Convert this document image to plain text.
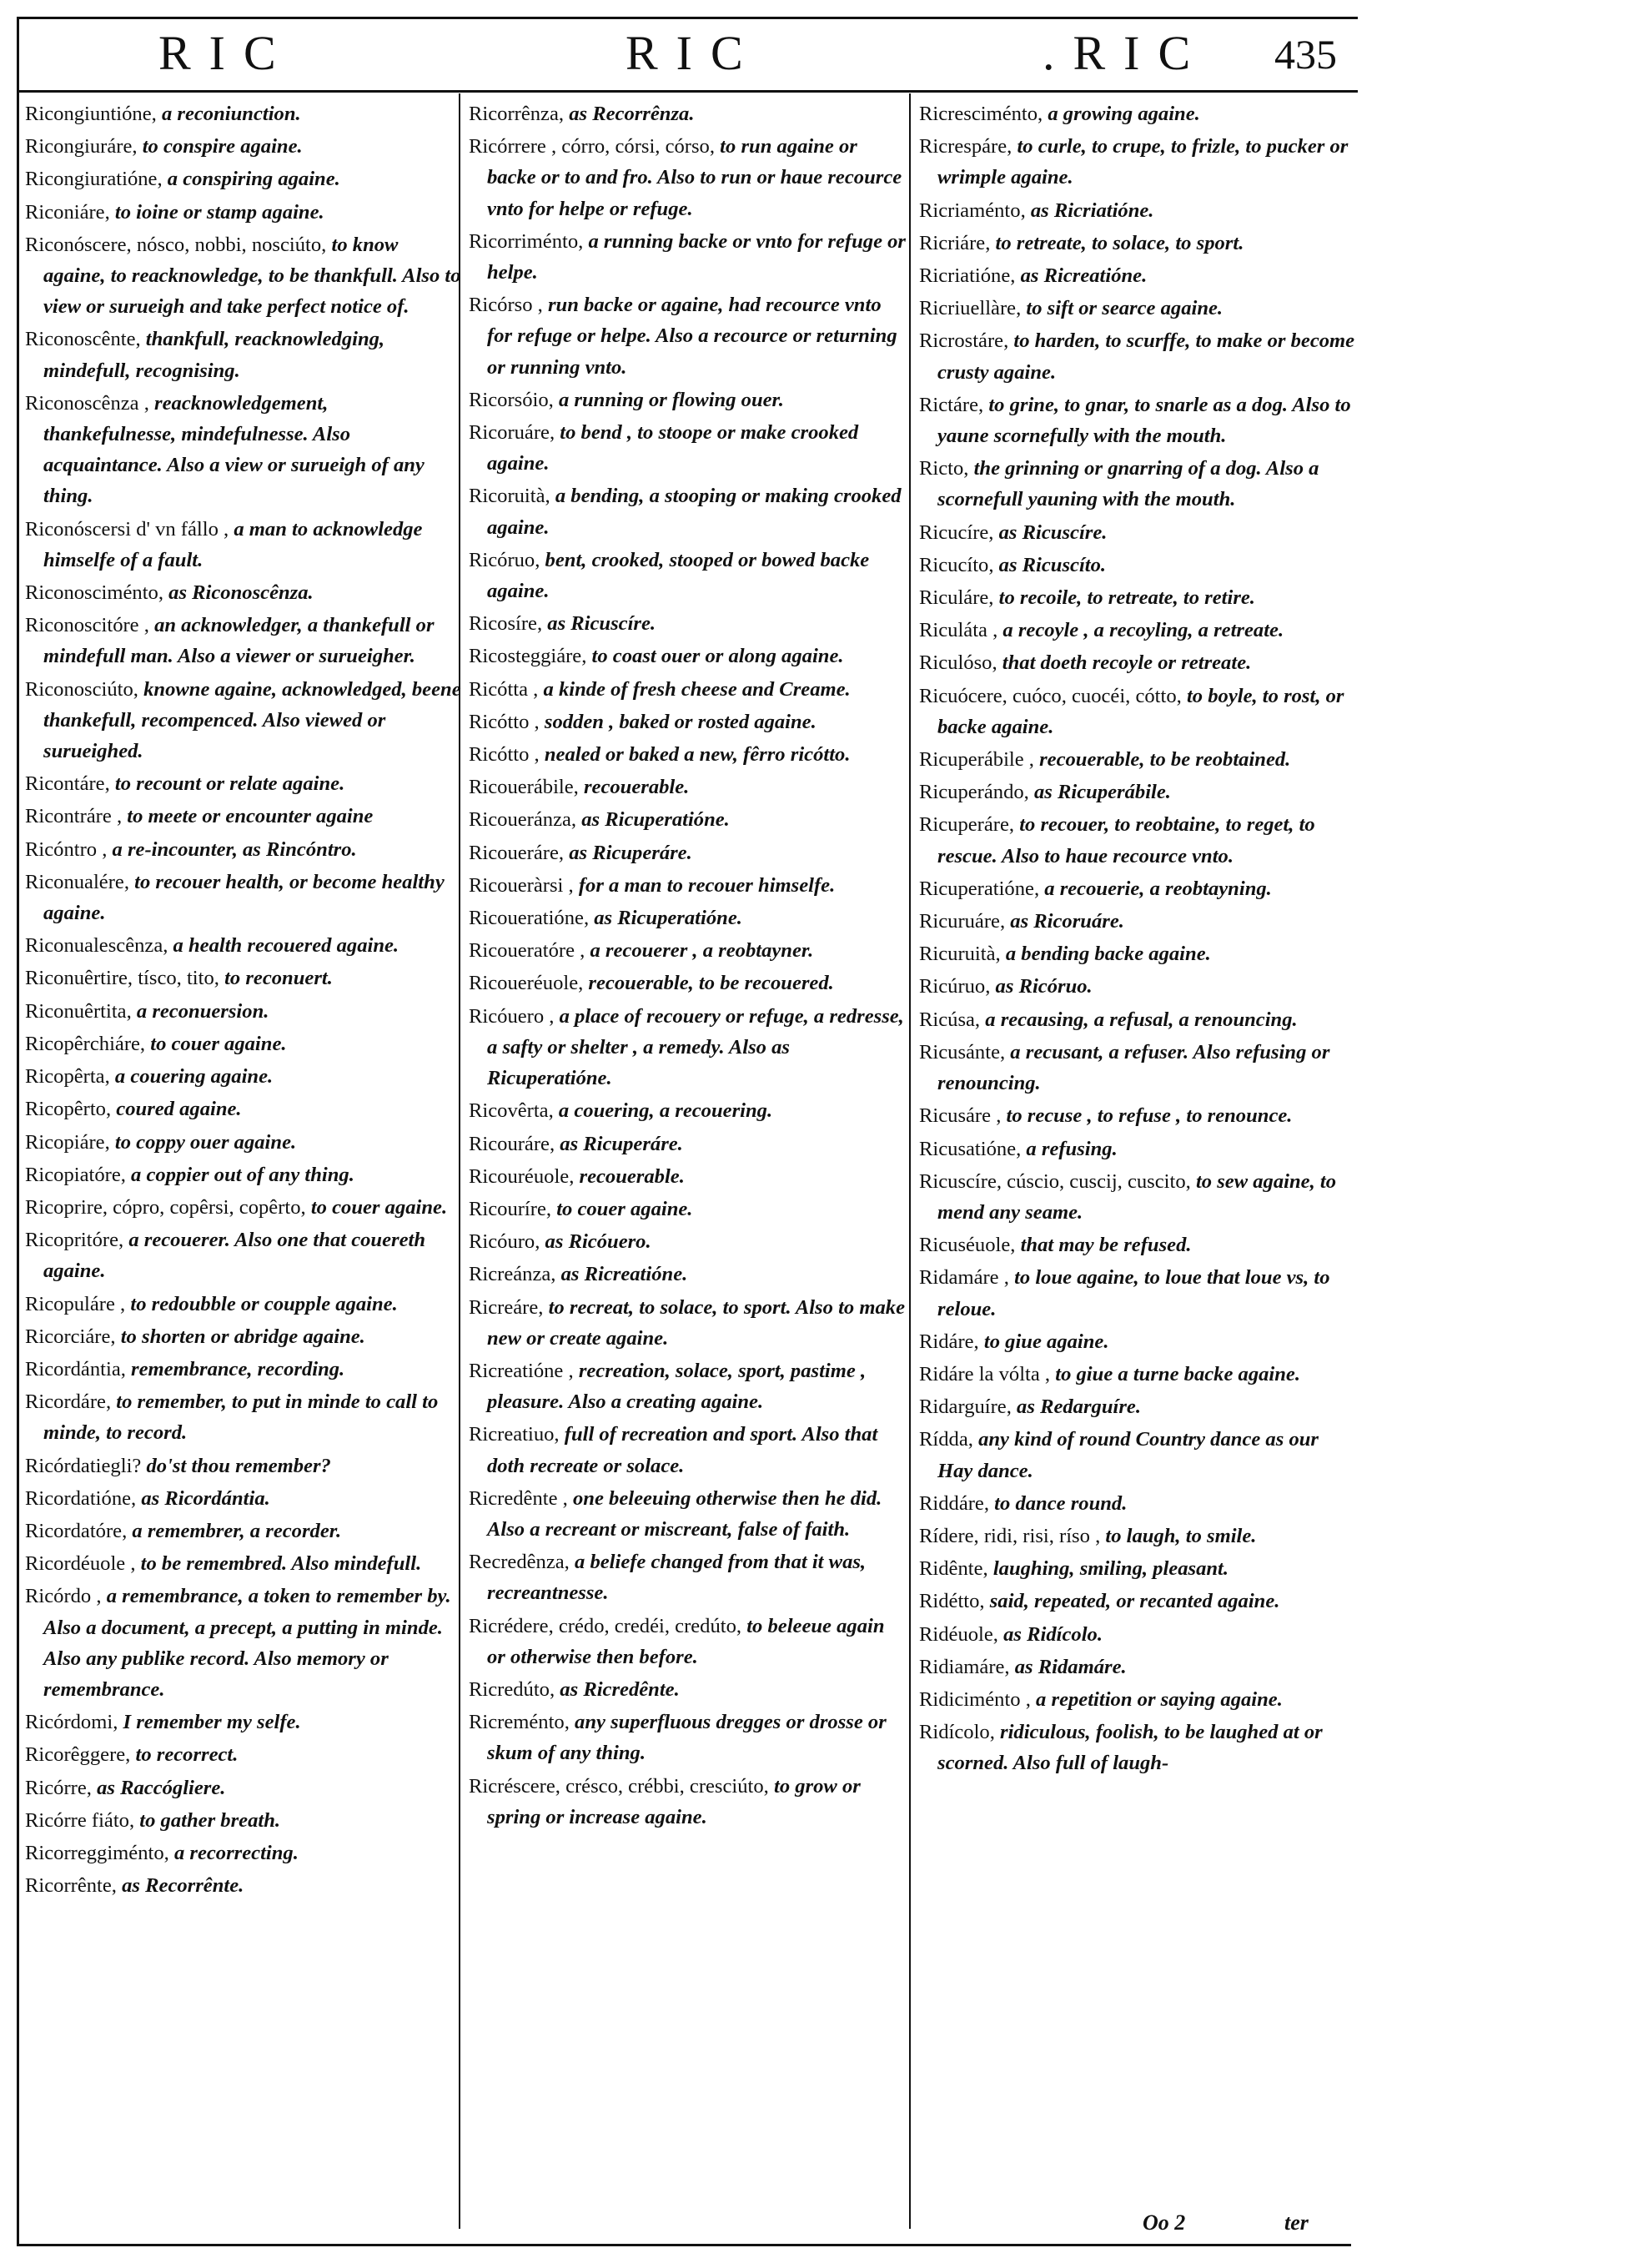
RIC	RIC	.RIC 435

Ricongiuntióne, a reconiunction.

Ricongiuráre, to conspire againe.

Ricongiuratióne, a conspiring againe.

Riconiáre, to ioine or stamp againe.

Riconóscere, nósco, nobbi, nosciúto, to know againe, to reacknowledge, to be thankfull. Also to view or surueigh and take perfect notice of.

Riconoscênte, thankfull, reacknowledging, mindefull, recognising.

Riconoscênza , reacknowledgement, thankefulnesse, mindefulnesse. Also acquaintance. Also a view or surueigh of any thing.

Riconóscersi d' vn fállo , a man to acknowledge himselfe of a fault.

Riconosciménto, as Riconoscênza.

Riconoscitóre , an acknowledger, a thankefull or mindefull man. Also a viewer or surueigher.

Riconosciúto, knowne againe, acknowledged, beene thankefull, recompenced. Also viewed or surueighed.

Ricontáre, to recount or relate againe.

Ricontráre , to meete or encounter againe

Ricóntro , a re-incounter, as Rincóntro.

Riconualére, to recouer health, or become healthy againe.

Riconualescênza, a health recouered againe.

Riconuêrtire, tísco, tito, to reconuert.

Riconuêrtita, a reconuersion.

Ricopêrchiáre, to couer againe.

Ricopêrta, a couering againe.

Ricopêrto, coured againe.

Ricopiáre, to coppy ouer againe.

Ricopiatóre, a coppier out of any thing.

Ricoprire, cópro, copêrsi, copêrto, to couer againe.

Ricopritóre, a recouerer. Also one that couereth againe.

Ricopuláre , to redoubble or coupple againe.

Ricorciáre, to shorten or abridge againe.

Ricordántia, remembrance, recording.

Ricordáre, to remember, to put in minde to call to minde, to record.

Ricórdatiegli? do'st thou remember?

Ricordatióne, as Ricordántia.

Ricordatóre, a remembrer, a recorder.

Ricordéuole , to be remembred. Also mindefull.

Ricórdo , a remembrance, a token to remember by. Also a document, a precept, a putting in minde. Also any publike record. Also memory or remembrance.

Ricórdomi, I remember my selfe.

Ricorêggere, to recorrect.

Ricórre, as Raccógliere.

Ricórre fiáto, to gather breath.

Ricorreggiménto, a recorrecting.

Ricorrênte, as Recorrênte.

Ricorrênza, as Recorrênza.

Ricórrere , córro, córsi, córso, to run againe or backe or to and fro. Also to run or haue recource vnto for helpe or refuge.

Ricorriménto, a running backe or vnto for refuge or helpe.

Ricórso , run backe or againe, had recource vnto for refuge or helpe. Also a recource or returning or running vnto.

Ricorsóio, a running or flowing ouer.

Ricoruáre, to bend , to stoope or make crooked againe.

Ricoruità, a bending, a stooping or making crooked againe.

Ricóruo, bent, crooked, stooped or bowed backe againe.

Ricosíre, as Ricuscíre.

Ricosteggiáre, to coast ouer or along againe.

Ricótta , a kinde of fresh cheese and Creame.

Ricótto , sodden , baked or rosted againe.

Ricótto , nealed or baked a new, fêrro ricótto.

Ricouerábile, recouerable.

Ricoueránza, as Ricuperatióne.

Ricoueráre, as Ricuperáre.

Ricoueràrsi , for a man to recouer himselfe.

Ricoueratióne, as Ricuperatióne.

Ricoueratóre , a recouerer , a reobtayner.

Ricoueréuole, recouerable, to be recouered.

Ricóuero , a place of recouery or refuge, a redresse, a safty or shelter , a remedy. Also as Ricuperatióne.

Ricovêrta, a couering, a recouering.

Ricouráre, as Ricuperáre.

Ricouréuole, recouerable.

Ricouríre, to couer againe.

Ricóuro, as Ricóuero.

Ricreánza, as Ricreatióne.

Ricreáre, to recreat, to solace, to sport. Also to make new or create againe.

Ricreatióne , recreation, solace, sport, pastime , pleasure. Also a creating againe.

Ricreatiuo, full of recreation and sport. Also that doth recreate or solace.

Ricredênte , one beleeuing otherwise then he did. Also a recreant or miscreant, false of faith.

Recredênza, a beliefe changed from that it was, recreantnesse.

Ricrédere, crédo, credéi, credúto, to beleeue again or otherwise then before.

Ricredúto, as Ricredênte.

Ricreménto, any superfluous dregges or drosse or skum of any thing.

Ricréscere, crésco, crébbi, cresciúto, to grow or spring or increase againe.

Ricresciménto, a growing againe.

Ricrespáre, to curle, to crupe, to frizle, to pucker or wrimple againe.

Ricriaménto, as Ricriatióne.

Ricriáre, to retreate, to solace, to sport.

Ricriatióne, as Ricreatióne.

Ricriuellàre, to sift or searce againe.

Ricrostáre, to harden, to scurffe, to make or become crusty againe.

Rictáre, to grine, to gnar, to snarle as a dog. Also to yaune scornefully with the mouth.

Ricto, the grinning or gnarring of a dog. Also a scornefull yauning with the mouth.

Ricucíre, as Ricuscíre.

Ricucíto, as Ricuscíto.

Riculáre, to recoile, to retreate, to retire.

Riculáta , a recoyle , a recoyling, a retreate.

Riculóso, that doeth recoyle or retreate.

Ricuócere, cuóco, cuocéi, cótto, to boyle, to rost, or backe againe.

Ricuperábile , recouerable, to be reobtained.

Ricuperándo, as Ricuperábile.

Ricuperáre, to recouer, to reobtaine, to reget, to rescue. Also to haue recource vnto.

Ricuperatióne, a recouerie, a reobtayning.

Ricuruáre, as Ricoruáre.

Ricuruità, a bending backe againe.

Ricúruo, as Ricóruo.

Ricúsa, a recausing, a refusal, a renouncing.

Ricusánte, a recusant, a refuser. Also refusing or renouncing.

Ricusáre , to recuse , to refuse , to renounce.

Ricusatióne, a refusing.

Ricuscíre, cúscio, cuscij, cuscito, to sew againe, to mend any seame.

Ricuséuole, that may be refused.

Ridamáre , to loue againe, to loue that loue vs, to reloue.

Ridáre, to giue againe.

Ridáre la vólta , to giue a turne backe againe.

Ridarguíre, as Redarguíre.

Rídda, any kind of round Country dance as our Hay dance.

Riddáre, to dance round.

Rídere, ridi, risi, ríso , to laugh, to smile.

Ridênte, laughing, smiling, pleasant.

Ridétto, said, repeated, or recanted againe.

Ridéuole, as Ridícolo.

Ridiamáre, as Ridamáre.

Ridiciménto , a repetition or saying againe.

Ridícolo, ridiculous, foolish, to be laughed at or scorned. Also full of laugh-

Oo 2	ter
